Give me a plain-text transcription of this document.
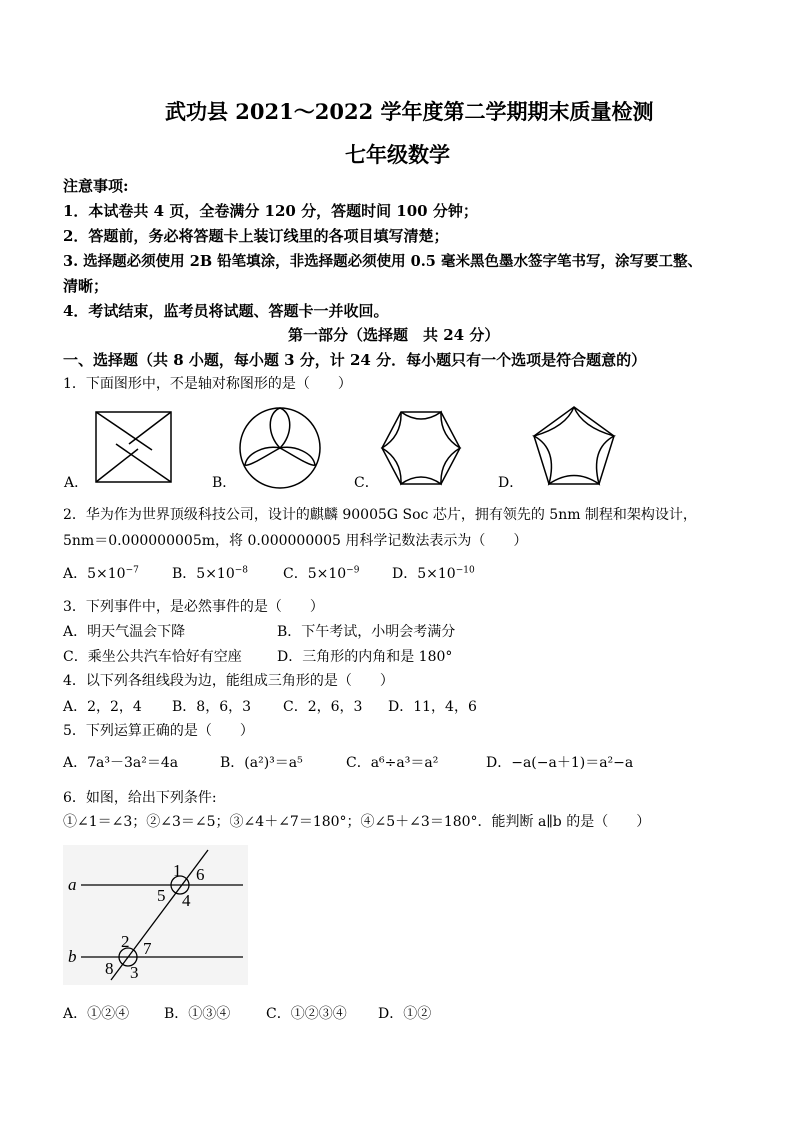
武功县 2021～2022 学年度第二学期期末质量检测
七年级数学
注意事项:
1．本试卷共 4 页，全卷满分 120 分，答题时间 100 分钟；
2．答题前，务必将答题卡上装订线里的各项目填写清楚；
3. 选择题必须使用 2B 铅笔填涂，非选择题必须使用 0.5 毫米黑色墨水签字笔书写，涂写要工整、
清晰；
4．考试结束，监考员将试题、答题卡一并收回。
第一部分（选择题　共 24 分）
一、选择题（共 8 小题，每小题 3 分，计 24 分．每小题只有一个选项是符合题意的）
1．下面图形中，不是轴对称图形的是（　　）
A．	B．	C．	D．
2．华为作为世界顶级科技公司，设计的麒麟 90005G Soc 芯片，拥有领先的 5nm 制程和架构设计，
5nm＝0.000000005m，将 0.000000005 用科学记数法表示为（　　）
A．$5\times 10^{-7}$ B．$5\times 10^{-8}$ C．$5\times 10^{-9}$ D．$5\times 10^{-10}$
3．下列事件中，是必然事件的是（　　）
A．明天气温会下降	B．下午考试，小明会考满分
C．乘坐公共汽车恰好有空座	D．三角形的内角和是 180°
4．以下列各组线段为边，能组成三角形的是（　　）
A．2，2，4 B．8，6，3 C．2，6，3 D．11，4，6
5．下列运算正确的是（　　）
A．7a³－3a²＝4a	B．(a²)³＝a⁵	C．a⁶÷a³＝a²	D．−a(−a＋1)＝a²−a
6．如图，给出下列条件:
①∠1＝∠3；②∠3＝∠5；③∠4＋∠7＝180°；④∠5＋∠3＝180°．能判断 a∥b 的是（　　）
a
b
1 6
5 4
2 7
8 3
A．①②④ B．①③④	C．①②③④ D．①②
